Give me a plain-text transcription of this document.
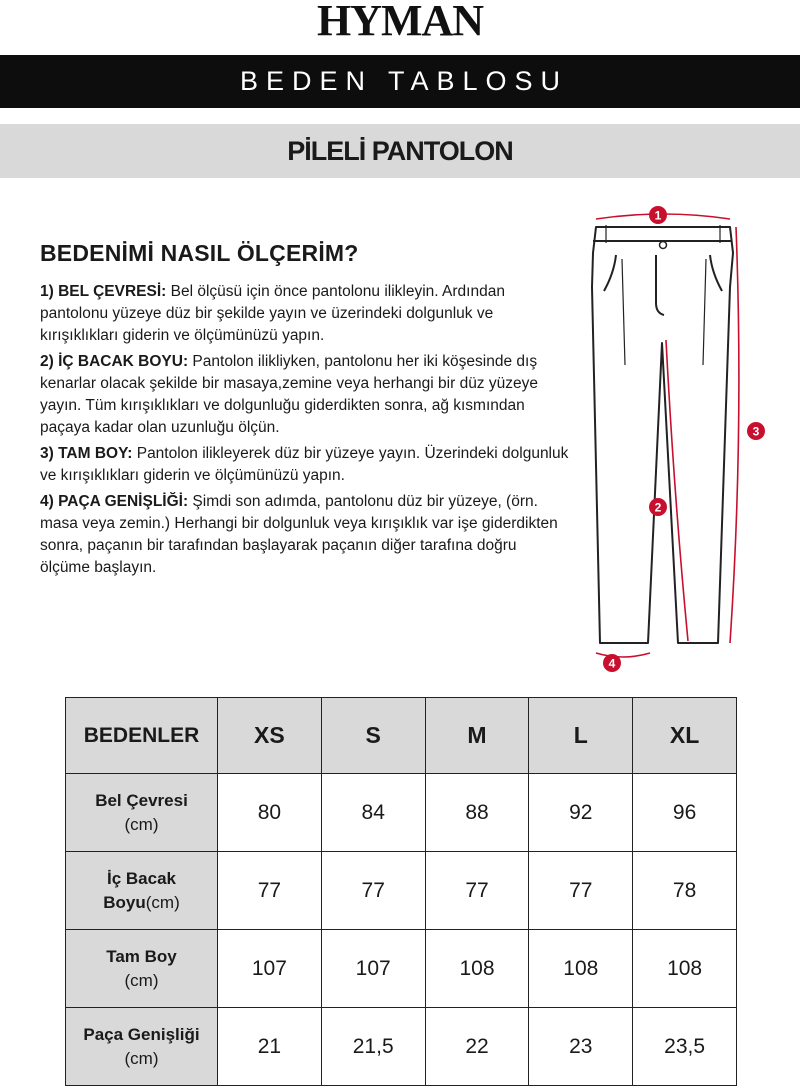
HYMAN
BEDEN TABLOSU
PİLELİ PANTOLON
BEDENİMİ NASIL ÖLÇERİM?

1) BEL ÇEVRESİ: Bel ölçüsü için önce pantolonu ilikleyin. Ardından pantolonu yüzeye düz bir şekilde yayın ve üzerindeki dolgunluk ve kırışıklıkları giderin ve ölçümünüzü yapın.

2) İÇ BACAK BOYU: Pantolon ilikliyken, pantolonu her iki köşesinde dış kenarlar olacak şekilde bir masaya,zemine veya herhangi bir düz yüzeye yayın. Tüm kırışıklıkları ve dolgunluğu giderdikten sonra, ağ kısmından paçaya kadar olan uzunluğu ölçün.

3) TAM BOY: Pantolon ilikleyerek düz bir yüzeye yayın. Üzerindeki dolgunluk ve kırışıklıkları giderin ve ölçümünüzü yapın.

4) PAÇA GENİŞLİĞİ: Şimdi son adımda, pantolonu düz bir yüzeye, (örn. masa veya zemin.) Herhangi bir dolgunluk veya kırışıklık var işe giderdikten sonra, paçanın bir tarafından başlayarak paçanın diğer tarafına doğru ölçüme başlayın.

1
2
3
4
BEDENLER	XS	S	M	L	XL

Bel Çevresi
(cm)	80	84	88	92	96

İç Bacak
Boyu(cm)	77	77	77	77	78

Tam Boy
(cm)	107	107	108	108	108

Paça Genişliği
(cm)	21	21,5	22	23	23,5
